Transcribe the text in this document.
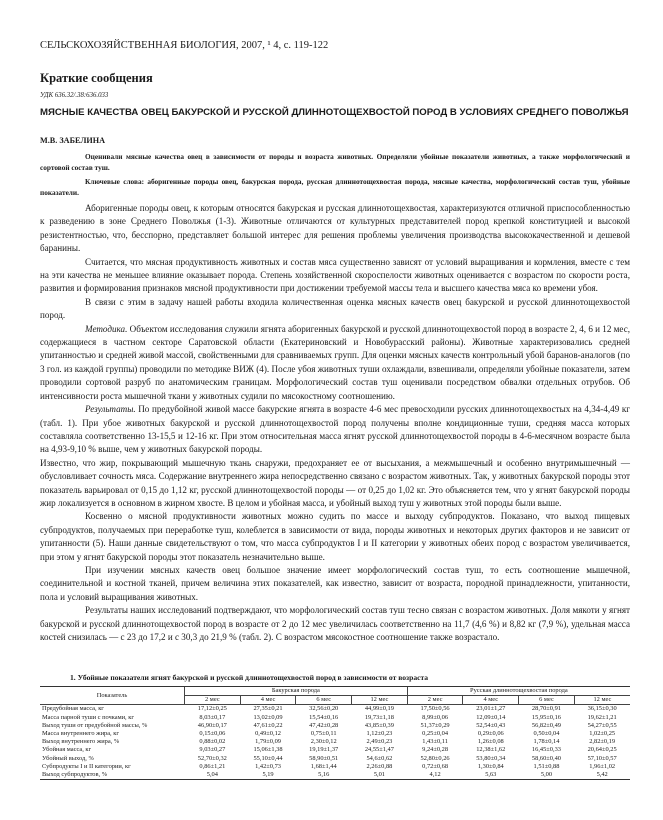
СЕЛЬСКОХОЗЯЙСТВЕННАЯ БИОЛОГИЯ, 2007, ¹ 4, с. 119-122
Краткие сообщения
УДК 636.32/.38:636.033
МЯСНЫЕ КАЧЕСТВА ОВЕЦ БАКУРСКОЙ И РУССКОЙ ДЛИННОТОЩЕХВОСТОЙ ПОРОД В УСЛОВИЯХ СРЕДНЕГО ПОВОЛЖЬЯ
М.В. ЗАБЕЛИНА
Оценивали мясные качества овец в зависимости от породы и возраста животных. Определяли убойные показатели животных, а также морфологический и сортовой состав туш.
Ключевые слова: аборигенные породы овец, бакурская порода, русская длиннотощехвостая порода, мясные качества, морфологический состав туш, убойные показатели.

Аборигенные породы овец, к которым относятся бакурская и русская длиннотощехвостая, характеризуются отличной приспособленностью к разведению в зоне Среднего Поволжья (1-3). Животные отличаются от культурных представителей пород крепкой конституцией и высокой резистентностью, что, бесспорно, представляет большой интерес для решения проблемы увеличения производства высококачественной и дешевой баранины.

Считается, что мясная продуктивность животных и состав мяса существенно зависят от условий выращивания и кормления, вместе с тем на эти качества не меньшее влияние оказывает порода. Степень хозяйственной скороспелости животных оценивается с возрастом по скорости роста, развития и формирования признаков мясной продуктивности при достижении требуемой массы тела и высшего качества мяса ко времени убоя.

В связи с этим в задачу нашей работы входила количественная оценка мясных качеств овец бакурской и русской длиннотощехвостой пород.

Методика. Объектом исследования служили ягнята аборигенных бакурской и русской длиннотощехвостой пород в возрасте 2, 4, 6 и 12 мес, содержащиеся в частном секторе Саратовской области (Екатериновский и Новобурасский районы). Животные характеризовались средней упитанностью и средней живой массой, свойственными для сравниваемых групп. Для оценки мясных качеств контрольный убой баранов-аналогов (по 3 гол. из каждой группы) проводили по методике ВИЖ (4). После убоя животных туши охлаждали, взвешивали, определяли убойные показатели, затем проводили сортовой разруб по анатомическим границам. Морфологический состав туш оценивали посредством обвалки отдельных отрубов. Об интенсивности роста мышечной ткани у животных судили по мясокостному соотношению.

Результаты. По предубойной живой массе бакурские ягнята в возрасте 4-6 мес превосходили русских длиннотощехвостых на 4,34-4,49 кг (табл. 1). При убое животных бакурской и русской длиннотощехвостой пород получены вполне кондиционные туши, средняя масса которых составляла соответственно 13-15,5 и 12-16 кг. При этом относительная масса ягнят русской длиннотощехвостой породы в 4-6-месячном возрасте была на 4,93-9,10 % выше, чем у животных бакурской породы.

Известно, что жир, покрывающий мышечную ткань снаружи, предохраняет ее от высыхания, а межмышечный и особенно внутримышечный — обусловливает сочность мяса. Содержание внутреннего жира непосредственно связано с возрастом животных. Так, у животных бакурской породы этот показатель варьировал от 0,15 до 1,12 кг, русской длиннотощехвостой породы — от 0,25 до 1,02 кг. Это объясняется тем, что у ягнят бакурской породы жир локализуется в основном в жирном хвосте. В целом и убойная масса, и убойный выход туш у животных этой породы были выше.

Косвенно о мясной продуктивности животных можно судить по массе и выходу субпродуктов. Показано, что выход пищевых субпродуктов, получаемых при переработке туш, колеблется в зависимости от вида, породы животных и некоторых других факторов и не зависит от упитанности (5). Наши данные свидетельствуют о том, что масса субпродуктов I и II категории у животных обеих пород с возрастом увеличивается, при этом у ягнят бакурской породы этот показатель незначительно выше.

При изучении мясных качеств овец большое значение имеет морфологический состав туш, то есть соотношение мышечной, соединительной и костной тканей, причем величина этих показателей, как известно, зависит от возраста, породной принадлежности, упитанности, пола и условий выращивания животных.

Результаты наших исследований подтверждают, что морфологический состав туш тесно связан с возрастом животных. Доля мякоти у ягнят бакурской и русской длиннотощехвостой пород в возрасте от 2 до 12 мес увеличилась соответственно на 11,7 (4,6 %) и 8,82 кг (7,9 %), удельная масса костей снизилась — с 23 до 17,2 и с 30,3 до 21,9 % (табл. 2). С возрастом мясокостное соотношение также возрастало.

1. Убойные показатели ягнят бакурской и русской длиннотощехвостой пород в зависимости от возраста
Показатель	Бакурская порода				Русская длиннотощехвостая порода			
	2 мес	4 мес	6 мес	12 мес	2 мес	4 мес	6 мес	12 мес
Предубойная масса, кг	17,12±0,25	27,35±0,21	32,56±0,20	44,99±0,19	17,50±0,56	23,01±1,27	28,70±0,91	36,15±0,30
Масса парной туши с почками, кг	8,03±0,17	13,02±0,09	15,54±0,16	19,73±1,18	8,99±0,06	12,09±0,14	15,95±0,16	19,62±1,21
Выход туши от предубойной массы, %	46,90±0,17	47,61±0,22	47,42±0,28	43,85±0,39	51,37±0,29	52,54±0,43	56,82±0,49	54,27±0,55
Масса внутреннего жира, кг	0,15±0,06	0,49±0,12	0,75±0,11	1,12±0,23	0,25±0,04	0,29±0,06	0,50±0,04	1,02±0,25
Выход внутреннего жира, %	0,88±0,02	1,79±0,09	2,30±0,12	2,49±0,23	1,43±0,11	1,26±0,08	1,78±0,14	2,82±0,19
Убойная масса, кг	9,03±0,27	15,06±1,38	19,19±1,37	24,55±1,47	9,24±0,28	12,38±1,62	16,45±0,33	20,64±0,25
Убойный выход, %	52,70±0,32	55,10±0,44	58,90±0,51	54,6±0,62	52,80±0,26	53,80±0,34	58,60±0,40	57,10±0,57
Субпродукты I и II категории, кг	0,86±1,21	1,42±0,73	1,68±1,44	2,26±0,88	0,72±0,68	1,30±0,84	1,51±0,88	1,96±1,02
Выход субпродуктов, %	5,04	5,19	5,16	5,01	4,12	5,63	5,00	5,42
